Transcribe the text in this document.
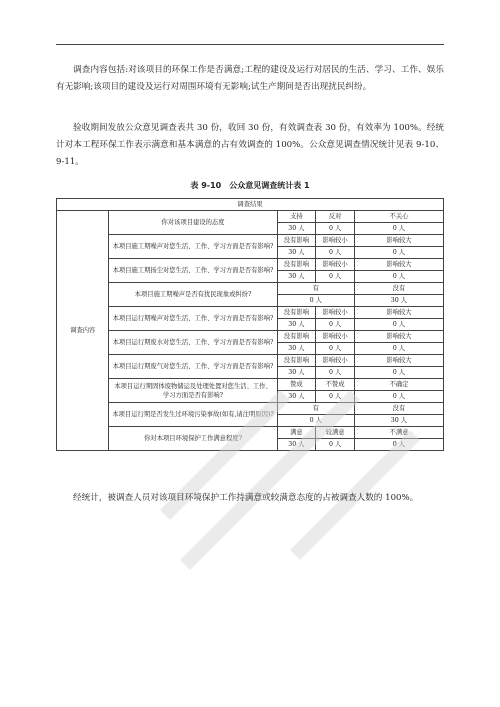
调查内容包括:对该项目的环保工作是否满意;工程的建设及运行对居民的生活、学习、工作、娱乐有无影响;该项目的建设及运行对周围环境有无影响;试生产期间是否出现扰民纠纷。

验收期间发放公众意见调查表共 30 份，收回 30 份，有效调查表 30 份，有效率为 100%。经统计对本工程环保工作表示满意和基本满意的占有效调查的 100%。公众意见调查情况统计见表 9-10、9-11。

表 9-10　公众意见调查统计表 1
调查结果				
调查内容	你对该项目建设的态度	支持	反对	不关心
		30 人	0 人	0 人
	本项目施工期噪声对您生活、工作、学习方面是否有影响?	没有影响	影响较小	影响较大
		30 人	0 人	0 人
	本项目施工期扬尘对您生活、工作、学习方面是否有影响?	没有影响	影响较小	影响较大
		30 人	0 人	0 人
	本项目施工期噪声是否有扰民现象或纠纷?	有		没有
		0 人		30 人
	本项目运行期噪声对您生活、工作、学习方面是否有影响?	没有影响	影响较小	影响较大
		30 人	0 人	0 人
	本项目运行期废水对您生活、工作、学习方面是否有影响?	没有影响	影响较小	影响较大
		30 人	0 人	0 人
	本项目运行期废气对您生活、工作、学习方面是否有影响?	没有影响	影响较小	影响较大
		30 人	0 人	0 人
	本项目运行期固体废物储运及处理处置对您生活、工作、学习方面是否有影响?	赞成	不赞成	不确定
		30 人	0 人	0 人
	本项目运行期是否发生过环境污染事故(如有,请注明原因)?	有		没有
		0 人		30 人
	你对本项目环境保护工作满意程度?	满意	较满意	不满意
		30 人	0 人	0 人

经统计，被调查人员对该项目环境保护工作持满意或较满意态度的占被调查人数的 100%。
